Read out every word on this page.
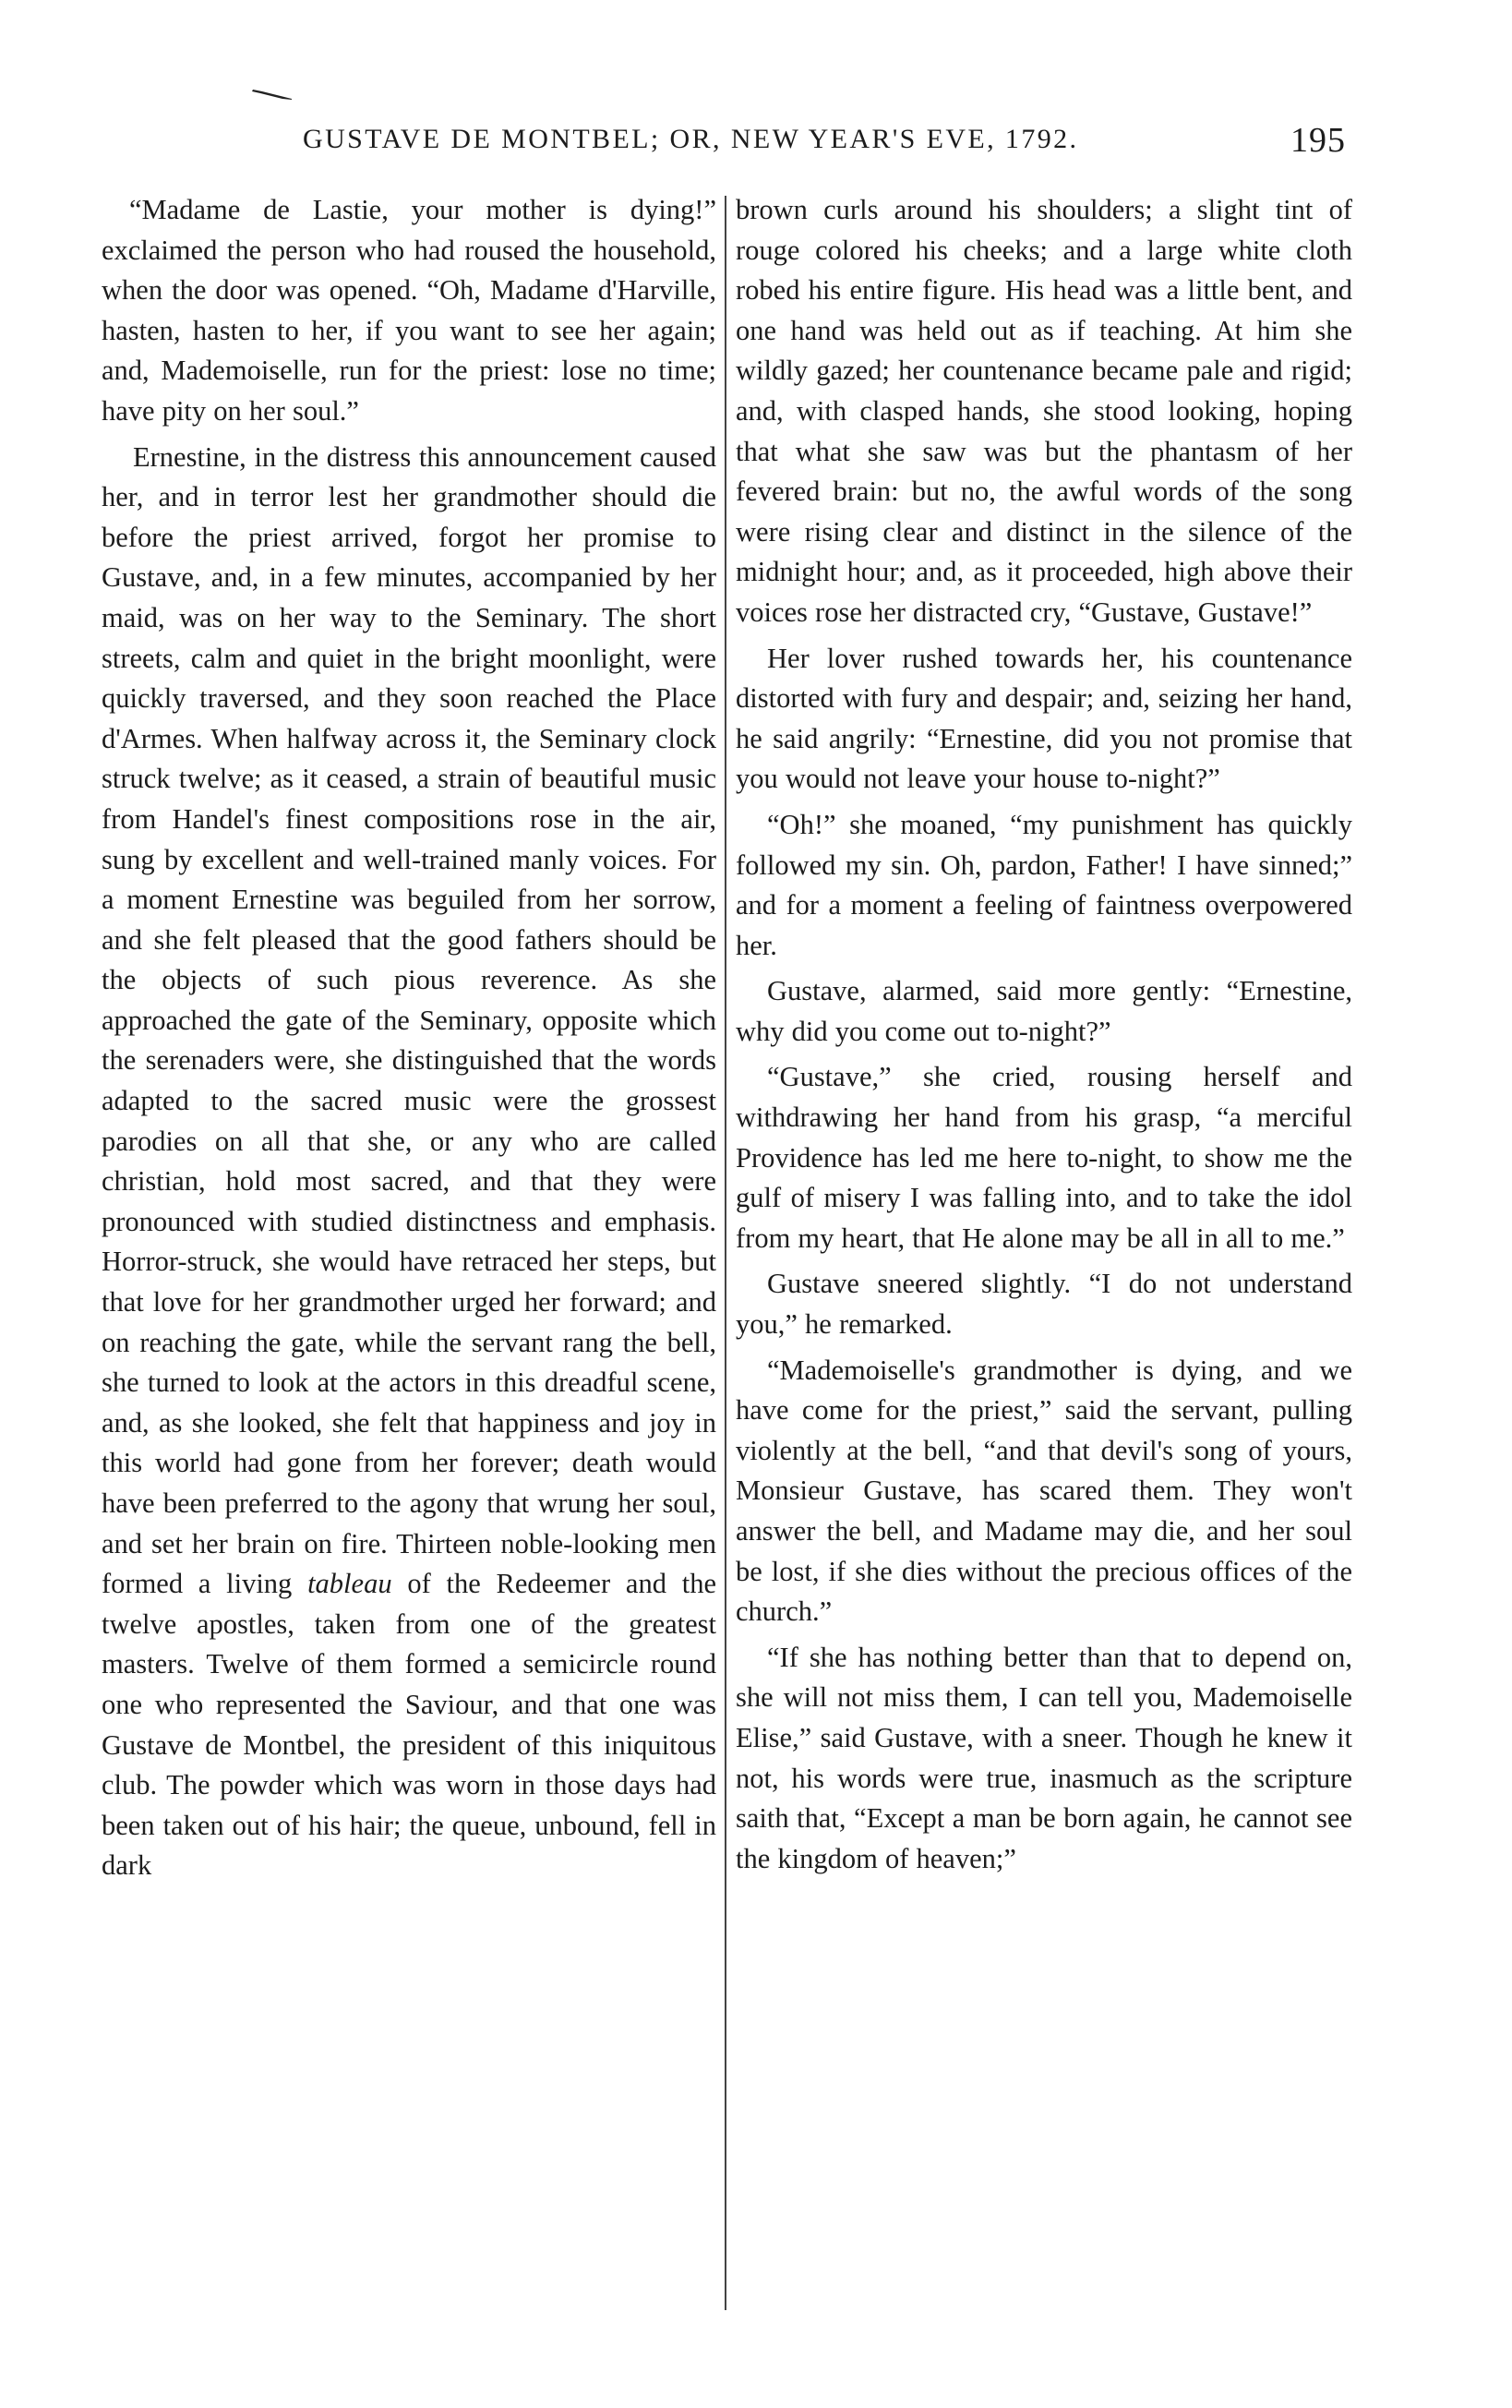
GUSTAVE DE MONTBEL; OR, NEW YEAR'S EVE, 1792.	195

“Madame de Lastie, your mother is dying!” exclaimed the person who had roused the household, when the door was opened. “Oh, Madame d'Harville, hasten, hasten to her, if you want to see her again; and, Mademoiselle, run for the priest: lose no time; have pity on her soul.”

Ernestine, in the distress this announcement caused her, and in terror lest her grandmother should die before the priest arrived, forgot her promise to Gustave, and, in a few minutes, accompanied by her maid, was on her way to the Seminary. The short streets, calm and quiet in the bright moonlight, were quickly traversed, and they soon reached the Place d'Armes. When halfway across it, the Seminary clock struck twelve; as it ceased, a strain of beautiful music from Handel's finest compositions rose in the air, sung by excellent and well-trained manly voices. For a moment Ernestine was beguiled from her sorrow, and she felt pleased that the good fathers should be the objects of such pious reverence. As she approached the gate of the Seminary, opposite which the serenaders were, she distinguished that the words adapted to the sacred music were the grossest parodies on all that she, or any who are called christian, hold most sacred, and that they were pronounced with studied distinctness and emphasis. Horror-struck, she would have retraced her steps, but that love for her grandmother urged her forward; and on reaching the gate, while the servant rang the bell, she turned to look at the actors in this dreadful scene, and, as she looked, she felt that happiness and joy in this world had gone from her forever; death would have been preferred to the agony that wrung her soul, and set her brain on fire. Thirteen noble-looking men formed a living tableau of the Redeemer and the twelve apostles, taken from one of the greatest masters. Twelve of them formed a semicircle round one who represented the Saviour, and that one was Gustave de Montbel, the president of this iniquitous club. The powder which was worn in those days had been taken out of his hair; the queue, unbound, fell in dark

brown curls around his shoulders; a slight tint of rouge colored his cheeks; and a large white cloth robed his entire figure. His head was a little bent, and one hand was held out as if teaching. At him she wildly gazed; her countenance became pale and rigid; and, with clasped hands, she stood looking, hoping that what she saw was but the phantasm of her fevered brain: but no, the awful words of the song were rising clear and distinct in the silence of the midnight hour; and, as it proceeded, high above their voices rose her distracted cry, “Gustave, Gustave!”

Her lover rushed towards her, his countenance distorted with fury and despair; and, seizing her hand, he said angrily: “Ernestine, did you not promise that you would not leave your house to-night?”

“Oh!” she moaned, “my punishment has quickly followed my sin. Oh, pardon, Father! I have sinned;” and for a moment a feeling of faintness overpowered her.

Gustave, alarmed, said more gently: “Ernestine, why did you come out to-night?”

“Gustave,” she cried, rousing herself and withdrawing her hand from his grasp, “a merciful Providence has led me here to-night, to show me the gulf of misery I was falling into, and to take the idol from my heart, that He alone may be all in all to me.”

Gustave sneered slightly. “I do not understand you,” he remarked.

“Mademoiselle's grandmother is dying, and we have come for the priest,” said the servant, pulling violently at the bell, “and that devil's song of yours, Monsieur Gustave, has scared them. They won't answer the bell, and Madame may die, and her soul be lost, if she dies without the precious offices of the church.”

“If she has nothing better than that to depend on, she will not miss them, I can tell you, Mademoiselle Elise,” said Gustave, with a sneer. Though he knew it not, his words were true, inasmuch as the scripture saith that, “Except a man be born again, he cannot see the kingdom of heaven;”
